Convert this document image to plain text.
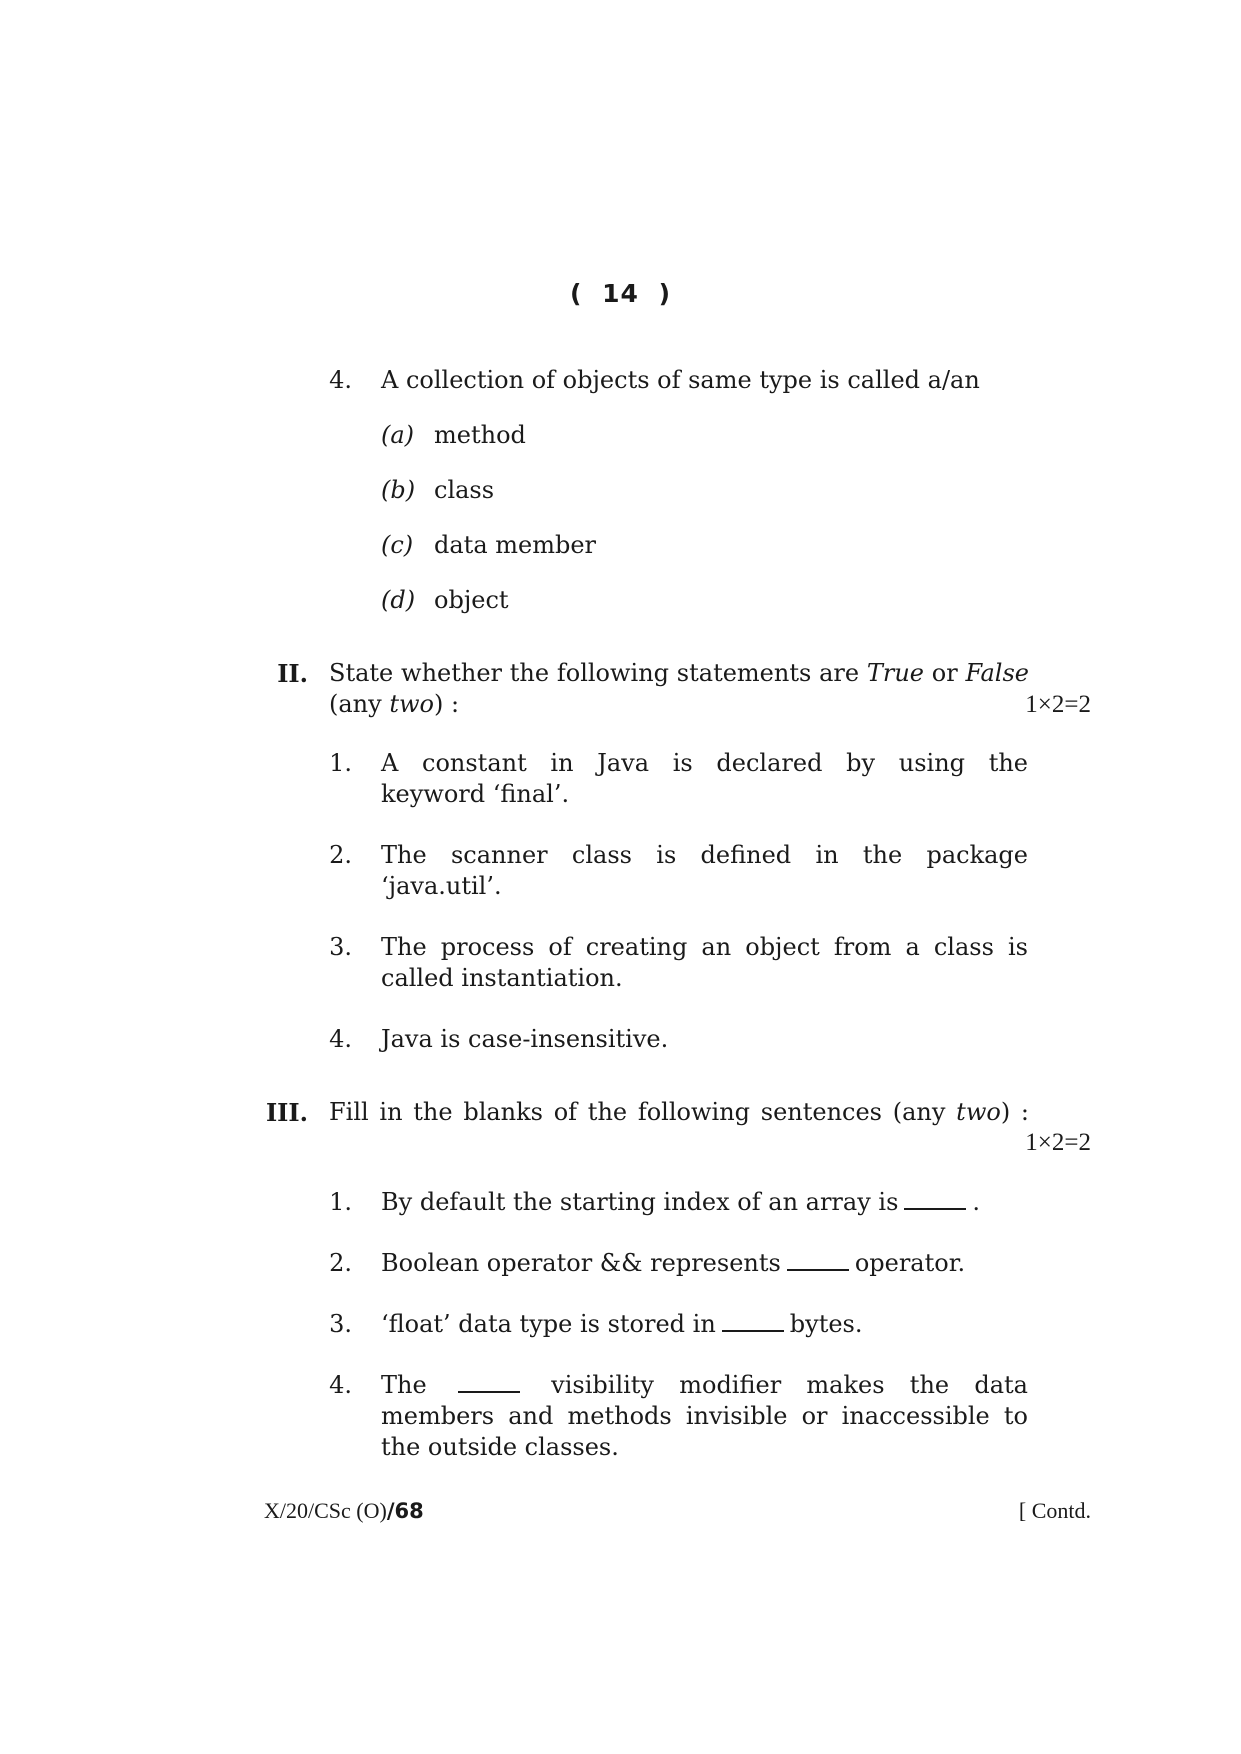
( 14 )
4. A collection of objects of same type is called a/an
(a) method
(b) class
(c) data member
(d) object
II. State whether the following statements are True or False
(any two) :	1×2=2
1. A constant in Java is declared by using the
keyword ‘final’.
2. The scanner class is defined in the package
‘java.util’.
3. The process of creating an object from a class is
called instantiation.
4. Java is case-insensitive.
III. Fill in the blanks of the following sentences (any two) :
1×2=2
1. By default the starting index of an array is	.
2. Boolean operator && represents	operator.
3. ‘float’ data type is stored in	bytes.
4. The	visibility modifier makes the data
members and methods invisible or inaccessible to
the outside classes.
X/20/CSc (O)/68	[ Contd.
